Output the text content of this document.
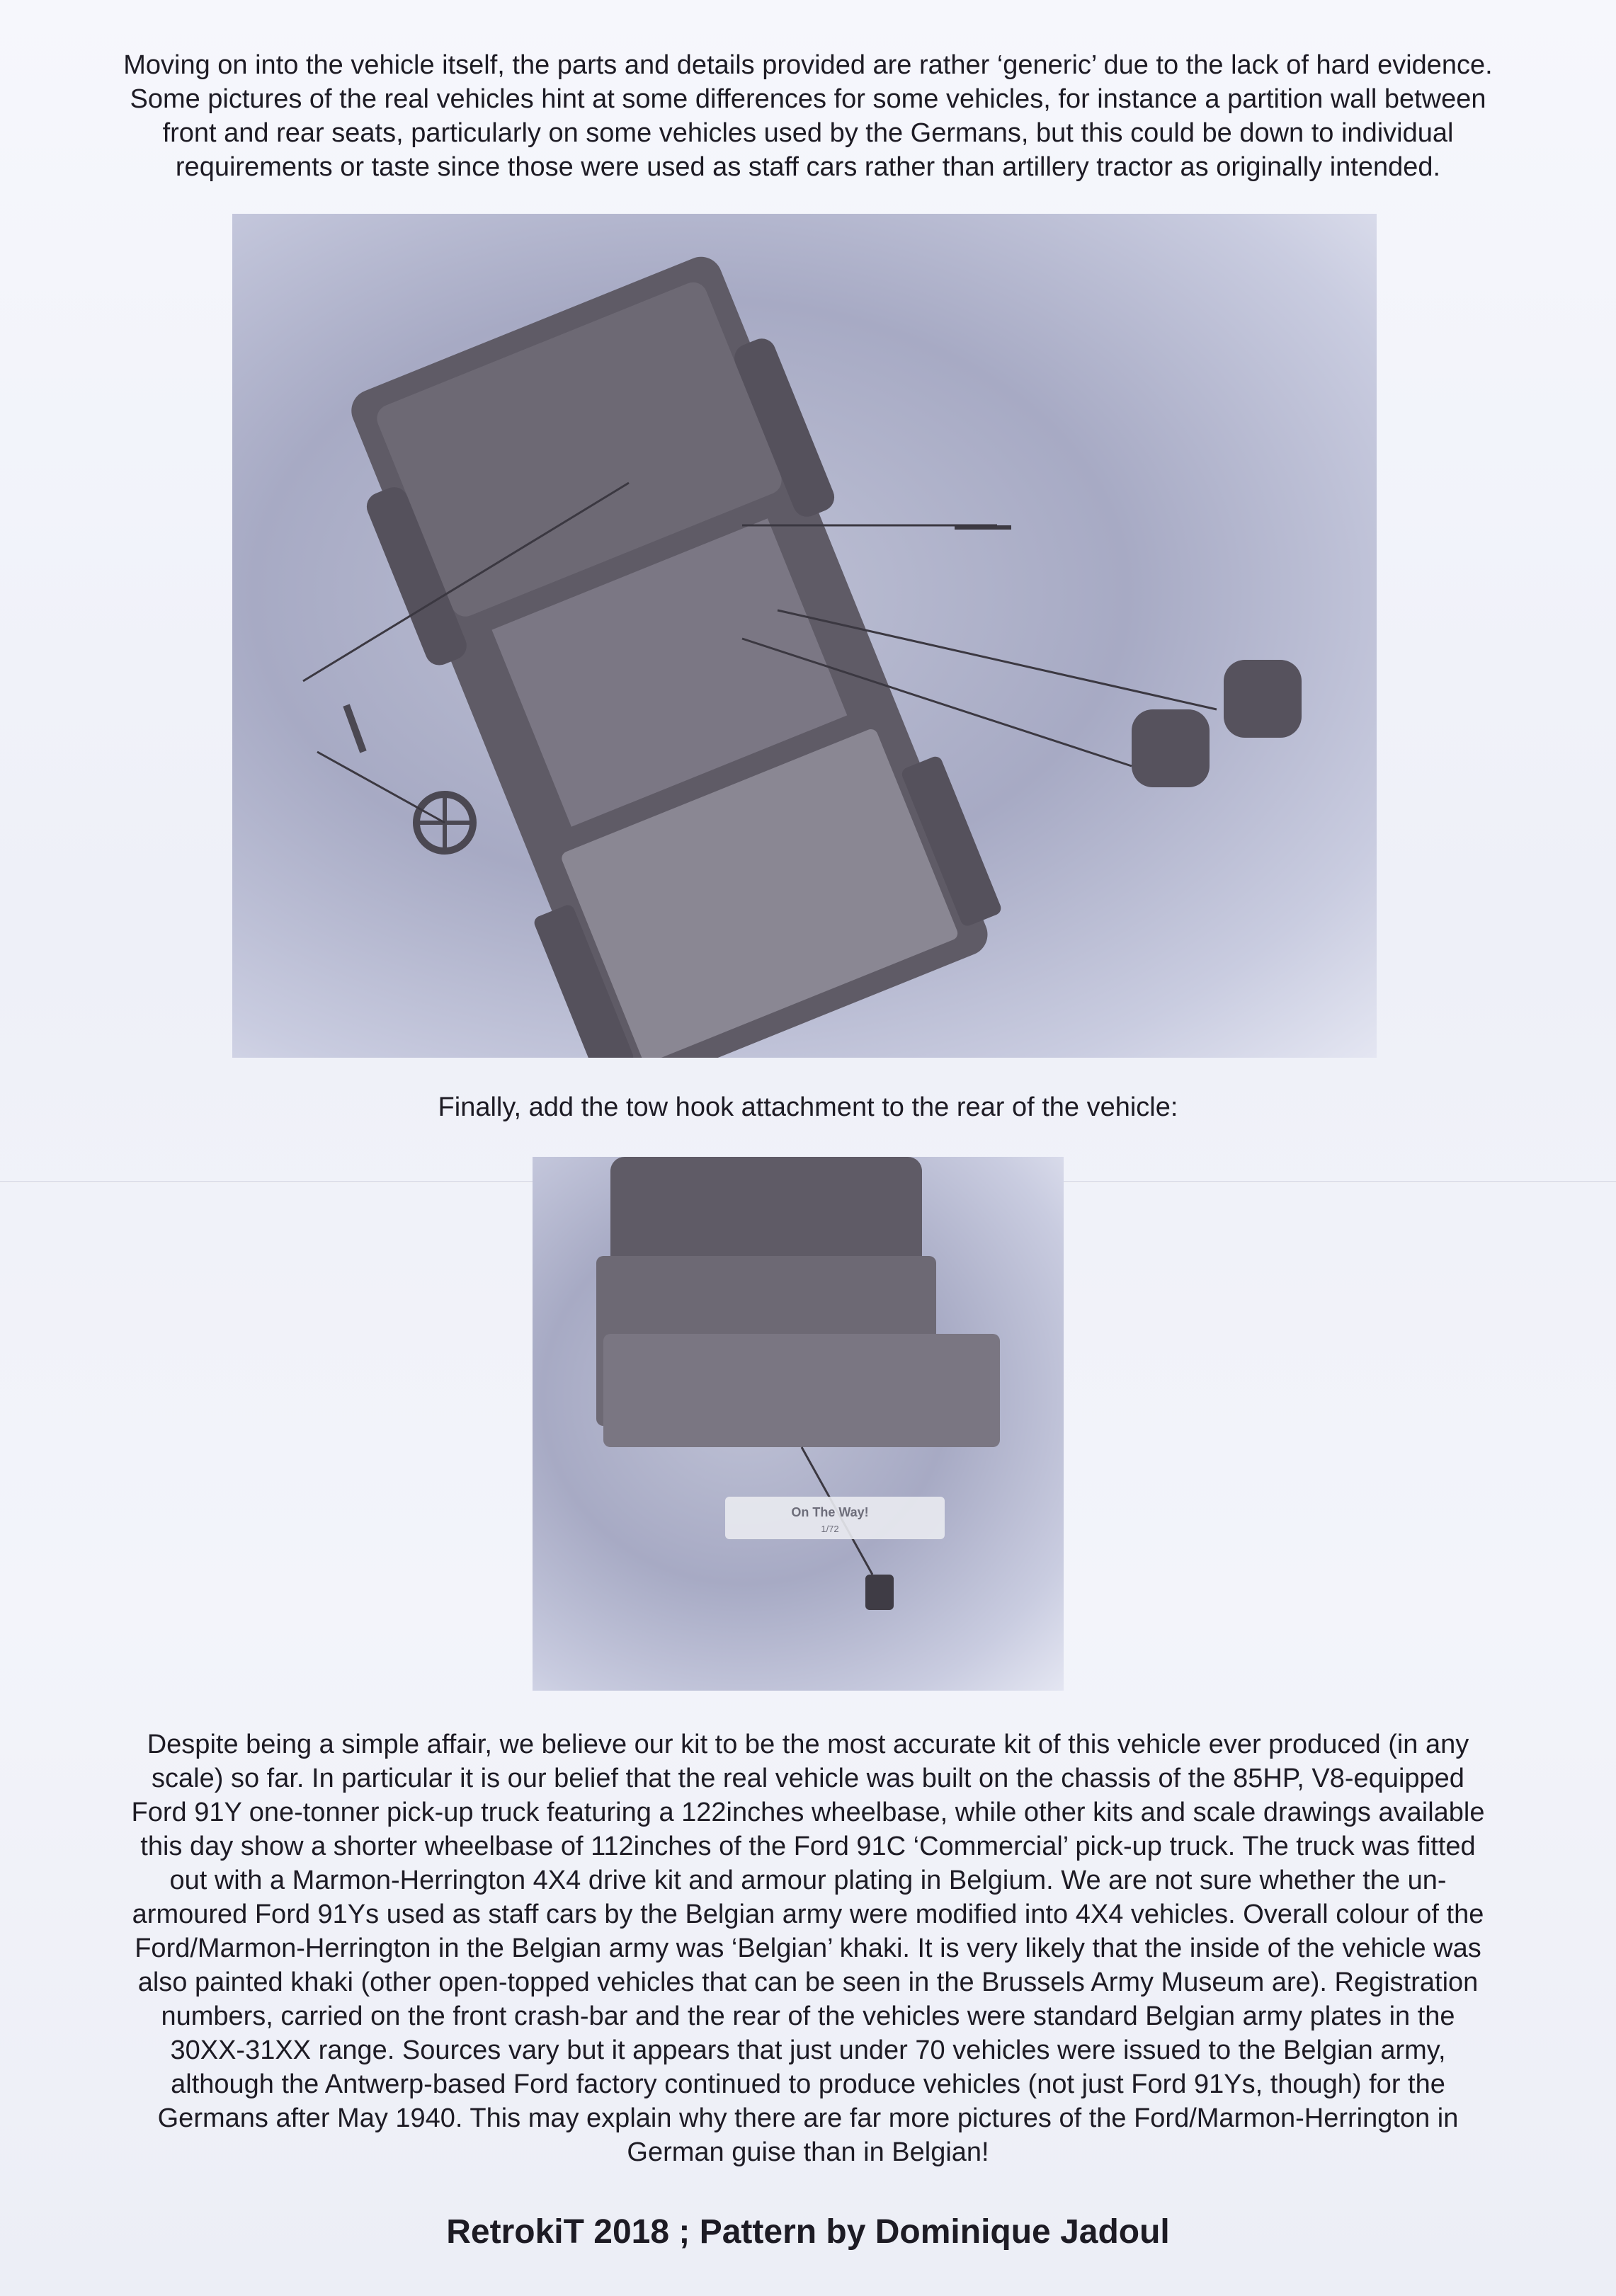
Moving on into the vehicle itself, the parts and details provided are rather ‘generic’ due to the lack of hard evidence.
Some pictures of the real vehicles hint at some differences for some vehicles, for instance a partition wall between
front and rear seats, particularly on some vehicles used by the Germans, but this could be down to individual
requirements or taste since those were used as staff cars rather than artillery tractor as originally intended.

Finally, add the tow hook attachment to the rear of the vehicle:

On The Way!
1/72
Despite being a simple affair, we believe our kit to be the most accurate kit of this vehicle ever produced (in any
scale) so far. In particular it is our belief that the real vehicle was built on the chassis of the 85HP, V8-equipped
Ford 91Y one-tonner pick-up truck featuring a 122inches wheelbase, while other kits and scale drawings available
this day show a shorter wheelbase of 112inches of the Ford 91C ‘Commercial’ pick-up truck. The truck was fitted
out with a Marmon-Herrington 4X4 drive kit and armour plating in Belgium. We are not sure whether the un-
armoured Ford 91Ys used as staff cars by the Belgian army were modified into 4X4 vehicles. Overall colour of the
Ford/Marmon-Herrington in the Belgian army was ‘Belgian’ khaki. It is very likely that the inside of the vehicle was
also painted khaki (other open-topped vehicles that can be seen in the Brussels Army Museum are). Registration
numbers, carried on the front crash-bar and the rear of the vehicles were standard Belgian army plates in the
30XX-31XX range. Sources vary but it appears that just under 70 vehicles were issued to the Belgian army,
although the Antwerp-based Ford factory continued to produce vehicles (not just Ford 91Ys, though) for the
Germans after May 1940. This may explain why there are far more pictures of the Ford/Marmon-Herrington in
German guise than in Belgian!

RetrokiT 2018 ; Pattern by Dominique Jadoul
